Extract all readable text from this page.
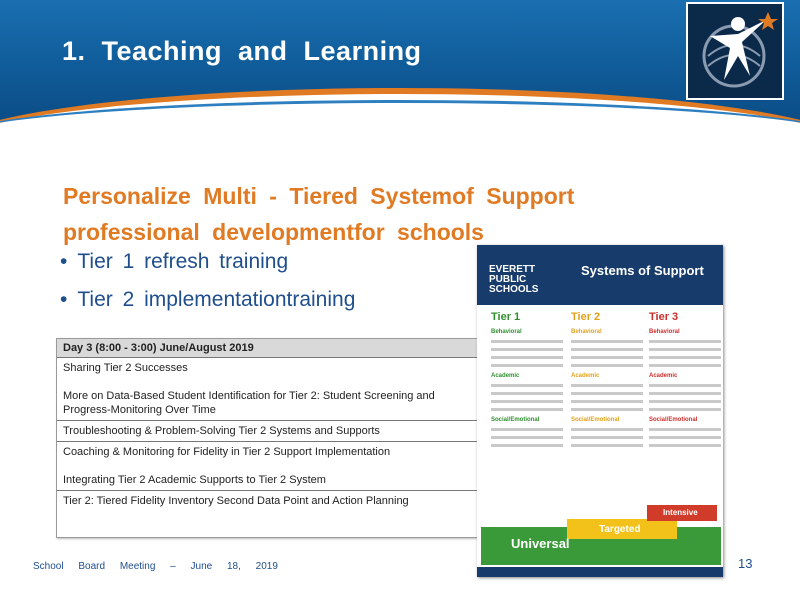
1. Teaching and Learning
Personalize Multi - Tiered Systemof Support
professional developmentfor schools
• Tier 1 refresh training
• Tier 2 implementationtraining
Day 3 (8:00 - 3:00) June/August 2019

Sharing Tier 2 Successes

More on Data-Based Student Identification for Tier 2: Student Screening and Progress-Monitoring Over Time

Troubleshooting & Problem-Solving Tier 2 Systems and Supports

Coaching & Monitoring for Fidelity in Tier 2 Support Implementation

Integrating Tier 2 Academic Supports to Tier 2 System

Tier 2: Tiered Fidelity Inventory Second Data Point and Action Planning

EVERETT PUBLIC SCHOOLS
Systems of Support
Tier 1
Behavioral
Academic
Social/Emotional
Tier 2
Behavioral
Academic
Social/Emotional
Tier 3
Behavioral
Academic
Social/Emotional
Universal
Targeted
Intensive
School Board Meeting – June 18, 2019	13
